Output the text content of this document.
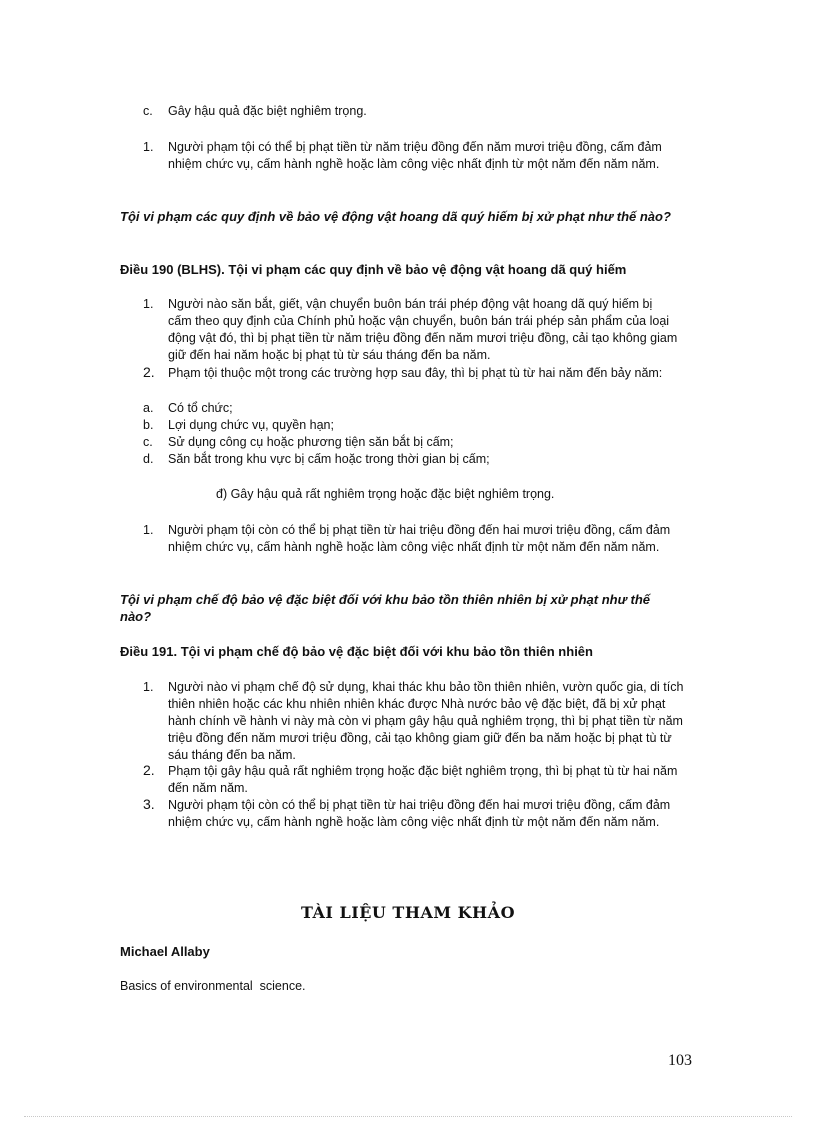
c. Gây hậu quả đặc biệt nghiêm trọng.
1. Người phạm tội có thể bị phạt tiền từ năm triệu đồng đến năm mươi triệu đồng, cấm đảm nhiệm chức vụ, cấm hành nghề hoặc làm công việc nhất định từ một năm đến năm năm.
Tội vi phạm các quy định về bảo vệ động vật hoang dã quý hiếm bị xử phạt như thế nào?
Điều 190 (BLHS). Tội vi phạm các quy định về bảo vệ động vật hoang dã quý hiếm
1. Người nào săn bắt, giết, vận chuyển buôn bán trái phép động vật hoang dã quý hiếm bị cấm theo quy định của Chính phủ hoặc vận chuyển, buôn bán trái phép sản phẩm của loại động vật đó, thì bị phạt tiền từ năm triệu đồng đến năm mươi triệu đồng, cải tạo không giam giữ đến hai năm hoặc bị phạt tù từ sáu tháng đến ba năm.
2. Phạm tội thuộc một trong các trường hợp sau đây, thì bị phạt tù từ hai năm đến bảy năm:
a. Có tổ chức;
b. Lợi dụng chức vụ, quyền hạn;
c. Sử dụng công cụ hoặc phương tiện săn bắt bị cấm;
d. Săn bắt trong khu vực bị cấm hoặc trong thời gian bị cấm;
đ) Gây hậu quả rất nghiêm trọng hoặc đặc biệt nghiêm trọng.
1. Người phạm tội còn có thể bị phạt tiền từ hai triệu đồng đến hai mươi triệu đồng, cấm đảm nhiệm chức vụ, cấm hành nghề hoặc làm công việc nhất định từ một năm đến năm năm.
Tội vi phạm chế độ bảo vệ đặc biệt đối với khu bảo tồn thiên nhiên bị xử phạt như thế nào?
Điều 191. Tội vi phạm chế độ bảo vệ đặc biệt đối với khu bảo tồn thiên nhiên
1. Người nào vi phạm chế độ sử dụng, khai thác khu bảo tồn thiên nhiên, vườn quốc gia, di tích thiên nhiên hoặc các khu nhiên nhiên khác được Nhà nước bảo vệ đặc biệt, đã bị xử phạt hành chính về hành vi này mà còn vi phạm gây hậu quả nghiêm trọng, thì bị phạt tiền từ năm triệu đồng đến năm mươi triệu đồng, cải tạo không giam giữ đến ba năm hoặc bị phạt tù từ sáu tháng đến ba năm.
2. Phạm tội gây hậu quả rất nghiêm trọng hoặc đặc biệt nghiêm trọng, thì bị phạt tù từ hai năm đến năm năm.
3. Người phạm tội còn có thể bị phạt tiền từ hai triệu đồng đến hai mươi triệu đồng, cấm đảm nhiệm chức vụ, cấm hành nghề hoặc làm công việc nhất định từ một năm đến năm năm.
TÀI LIỆU THAM KHẢO
Michael Allaby
Basics of environmental  science.
103
